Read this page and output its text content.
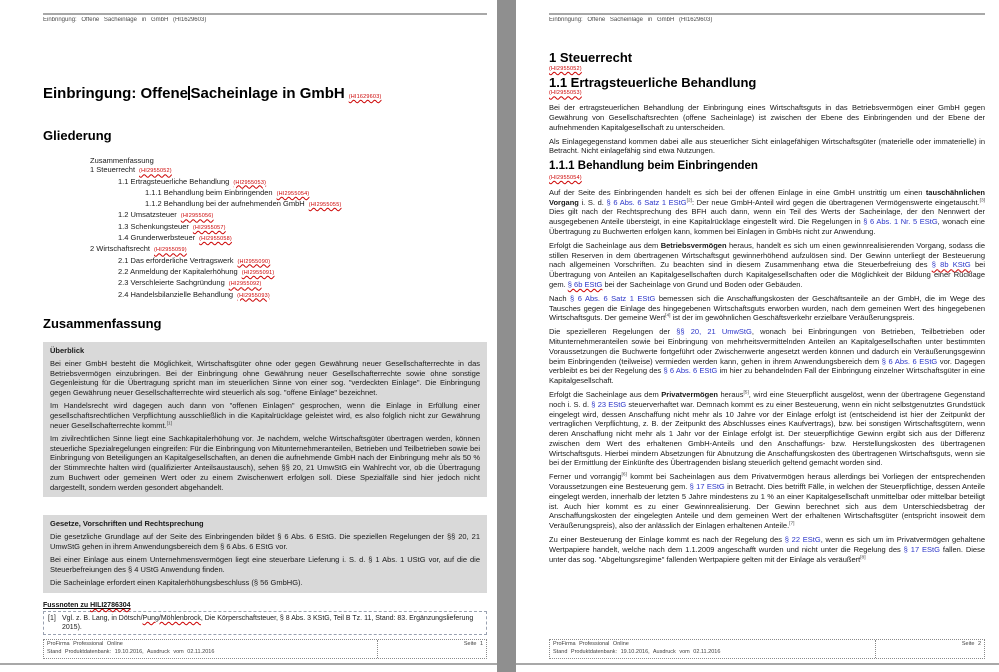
Einbringung: Offene Sacheinlage in GmbH (HI1629603)
Einbringung: Offene Sacheinlage in GmbH (HI1629603)
Gliederung
Zusammenfassung
1 Steuerrecht (HI2955052)
1.1 Ertragsteuerliche Behandlung (HI2955053)
1.1.1 Behandlung beim Einbringenden (HI2955054)
1.1.2 Behandlung bei der aufnehmenden GmbH (HI2955055)
1.2 Umsatzsteuer (HI2955056)
1.3 Schenkungsteuer (HI2955057)
1.4 Grunderwerbsteuer (HI2955058)
2 Wirtschaftsrecht (HI2955059)
2.1 Das erforderliche Vertragswerk (HI2955090)
2.2 Anmeldung der Kapitalerhöhung (HI2955091)
2.3 Verschleierte Sachgründung (HI2955092)
2.4 Handelsbilanzielle Behandlung (HI2955093)
Zusammenfassung
Überblick
Bei einer GmbH besteht die Möglichkeit, Wirtschaftsgüter ohne oder gegen Gewährung neuer Gesellschafterrechte in das Betriebsvermögen einzubringen. Bei der Einbringung ohne Gewährung neuer Gesellschafterrechte sowie ohne sonstige Gegenleistung für die Übertragung spricht man im steuerlichen Sinne von einer sog. "verdeckten Einlage". Die Einbringung gegen Gewährung neuer Gesellschafterrechte wird steuerlich als sog. "offene Einlage" bezeichnet.
Im Handelsrecht wird dagegen auch dann von "offenen Einlagen" gesprochen, wenn die Einlage in Erfüllung einer gesellschaftsrechtlichen Verpflichtung ausschließlich in die Kapitalrücklage geleistet wird, es also folglich nicht zur Gewährung neuer Gesellschafterrechte kommt.[1]
Im zivilrechtlichen Sinne liegt eine Sachkapitalerhöhung vor. Je nachdem, welche Wirtschaftsgüter übertragen werden, können steuerliche Spezialregelungen eingreifen: Für die Einbringung von Mitunternehmeranteilen, Betrieben und Teilbetrieben sowie bei Einbringung von Beteiligungen an Kapitalgesellschaften, an denen die aufnehmende GmbH nach der Einbringung mehr als 50 % der Stimmrechte halten wird (qualifizierter Anteilsaustausch), sehen §§ 20, 21 UmwStG ein Wahlrecht vor, ob die Übertragung zum Buchwert oder gemeinen Wert oder zu einem Zwischenwert erfolgen soll. Diese Spezialfälle sind hier jedoch nicht dargestellt, sondern werden gesondert abgehandelt.
Gesetze, Vorschriften und Rechtsprechung
Die gesetzliche Grundlage auf der Seite des Einbringenden bildet § 6 Abs. 6 EStG. Die speziellen Regelungen der §§ 20, 21 UmwStG gehen in ihrem Anwendungsbereich dem § 6 Abs. 6 EStG vor.
Bei einer Einlage aus einem Unternehmensvermögen liegt eine steuerbare Lieferung i. S. d. § 1 Abs. 1 UStG vor, auf die die Steuerbefreiungen des § 4 UStG Anwendung finden.
Die Sacheinlage erfordert einen Kapitalerhöhungsbeschluss (§ 56 GmbHG).
Fussnoten zu HILI2786304
[1] Vgl. z. B. Lang, in Dötsch/Pung/Möhlenbrock, Die Körperschaftsteuer, § 8 Abs. 3 KStG, Teil B Tz. 11, Stand: 83. Ergänzungslieferung 2015).
ProFirma Professional Online
Stand Produktdatenbank: 19.10.2016, Ausdruck vom 02.11.2016
Seite 1
Einbringung: Offene Sacheinlage in GmbH (HI1629603)
1 Steuerrecht
(HI2955052)
1.1 Ertragsteuerliche Behandlung
(HI2955053)
Bei der ertragsteuerlichen Behandlung der Einbringung eines Wirtschaftsguts in das Betriebsvermögen einer GmbH gegen Gewährung von Gesellschaftsrechten (offene Sacheinlage) ist zwischen der Ebene des Einbringenden und der Ebene der aufnehmenden Kapitalgesellschaft zu unterscheiden.
Als Einlagegegenstand kommen dabei alle aus steuerlicher Sicht einlagefähigen Wirtschaftsgüter (materielle oder immaterielle) in Betracht. Nicht einlagefähig sind etwa Nutzungen.
1.1.1 Behandlung beim Einbringenden
(HI2955054)
Auf der Seite des Einbringenden handelt es sich bei der offenen Einlage in eine GmbH unstrittig um einen tauschähnlichen Vorgang i. S. d. § 6 Abs. 6 Satz 1 EStG[2]: Der neue GmbH-Anteil wird gegen die übertragenen Vermögenswerte eingetauscht.[3] Dies gilt nach der Rechtsprechung des BFH auch dann, wenn ein Teil des Werts der Sacheinlage, der den Nennwert der ausgegebenen Anteile übersteigt, in eine Kapitalrücklage eingestellt wird. Die Regelungen in § 6 Abs. 1 Nr. 5 EStG, wonach eine Übertragung zu Buchwerten erfolgen kann, kommen bei Einlagen in GmbHs nicht zur Anwendung.
Erfolgt die Sacheinlage aus dem Betriebsvermögen heraus, handelt es sich um einen gewinnrealisierenden Vorgang, sodass die stillen Reserven in dem übertragenen Wirtschaftsgut gewinnerhöhend aufzulösen sind. Der Gewinn unterliegt der Besteuerung nach allgemeinen Vorschriften. Zu beachten sind in diesem Zusammenhang etwa die Steuerbefreiung des § 8b KStG bei Übertragung von Anteilen an Kapitalgesellschaften durch Kapitalgesellschaften oder die Möglichkeit der Bildung einer Rücklage gem. § 6b EStG bei der Sacheinlage von Grund und Boden oder Gebäuden.
Nach § 6 Abs. 6 Satz 1 EStG bemessen sich die Anschaffungskosten der Geschäftsanteile an der GmbH, die im Wege des Tausches gegen die Einlage des hingegebenen Wirtschaftsguts erworben wurden, nach dem gemeinen Wert des hingegebenen Wirtschaftsguts. Der gemeine Wert[4] ist der im gewöhnlichen Geschäftsverkehr erzielbare Veräußerungspreis.
Die spezielleren Regelungen der §§ 20, 21 UmwStG, wonach bei Einbringungen von Betrieben, Teilbetrieben oder Mitunternehmeranteilen sowie bei Einbringung von mehrheitsvermittelnden Anteilen an Kapitalgesellschaften unter bestimmten Voraussetzungen die Buchwerte fortgeführt oder Zwischenwerte angesetzt werden können und dadurch ein Veräußerungsgewinn beim Einbringenden (teilweise) vermieden werden kann, gehen in ihrem Anwendungsbereich dem § 6 Abs. 6 EStG vor. Dagegen verbleibt es bei der Regelung des § 6 Abs. 6 EStG im hier zu behandelnden Fall der Einbringung einzelner Wirtschaftsgüter in eine Kapitalgesellschaft.
Erfolgt die Sacheinlage aus dem Privatvermögen heraus[5], wird eine Steuerpflicht ausgelöst, wenn der übertragene Gegenstand noch i. S. d. § 23 EStG steuerverhaftet war. Demnach kommt es zu einer Besteuerung, wenn ein nicht selbstgenutztes Grundstück eingelegt wird, dessen Anschaffung nicht mehr als 10 Jahre vor der Einlage erfolgt ist (entscheidend ist hier der Zeitpunkt der vertraglichen Verpflichtung, z. B. der Zeitpunkt des Abschlusses eines Kaufvertrags), bzw. bei sonstigen Wirtschaftsgütern, wenn deren Anschaffung nicht mehr als 1 Jahr vor der Einlage erfolgt ist. Der steuerpflichtige Gewinn ergibt sich aus der Differenz zwischen dem Wert des erhaltenen GmbH-Anteils und den Anschaffungs- bzw. Herstellungskosten des übertragenen Wirtschaftsguts. Hierbei mindern Absetzungen für Abnutzung die Anschaffungskosten des übertragenen Wirtschaftsguts, wenn sie bei der Ermittlung der Einkünfte des Übertragenden bislang steuerlich geltend gemacht worden sind.
Ferner und vorrangig[6] kommt bei Sacheinlagen aus dem Privatvermögen heraus allerdings bei Vorliegen der entsprechenden Voraussetzungen eine Besteuerung gem. § 17 EStG in Betracht. Dies betrifft Fälle, in welchen der Steuerpflichtige, dessen Anteile eingelegt werden, innerhalb der letzten 5 Jahre mindestens zu 1 % an einer Kapitalgesellschaft unmittelbar oder mittelbar beteiligt ist. Auch hier kommt es zu einer Gewinnrealisierung. Der Gewinn berechnet sich aus dem Unterschiedsbetrag der Anschaffungskosten der eingelegten Anteile und dem gemeinen Wert der erhaltenen Wirtschaftsgüter (entspricht insoweit dem Veräußerungspreis), also der anlässlich der Einlagen erhaltenen Anteile.[7]
Zu einer Besteuerung der Einlage kommt es nach der Regelung des § 22 EStG, wenn es sich um im Privatvermögen gehaltene Wertpapiere handelt, welche nach dem 1.1.2009 angeschafft wurden und nicht unter die Regelung des § 17 EStG fallen. Diese unter das sog. "Abgeltungsregime" fallenden Wertpapiere gelten mit der Einlage als veräußert[8]
ProFirma Professional Online
Stand Produktdatenbank: 19.10.2016, Ausdruck vom 02.11.2016
Seite 2
